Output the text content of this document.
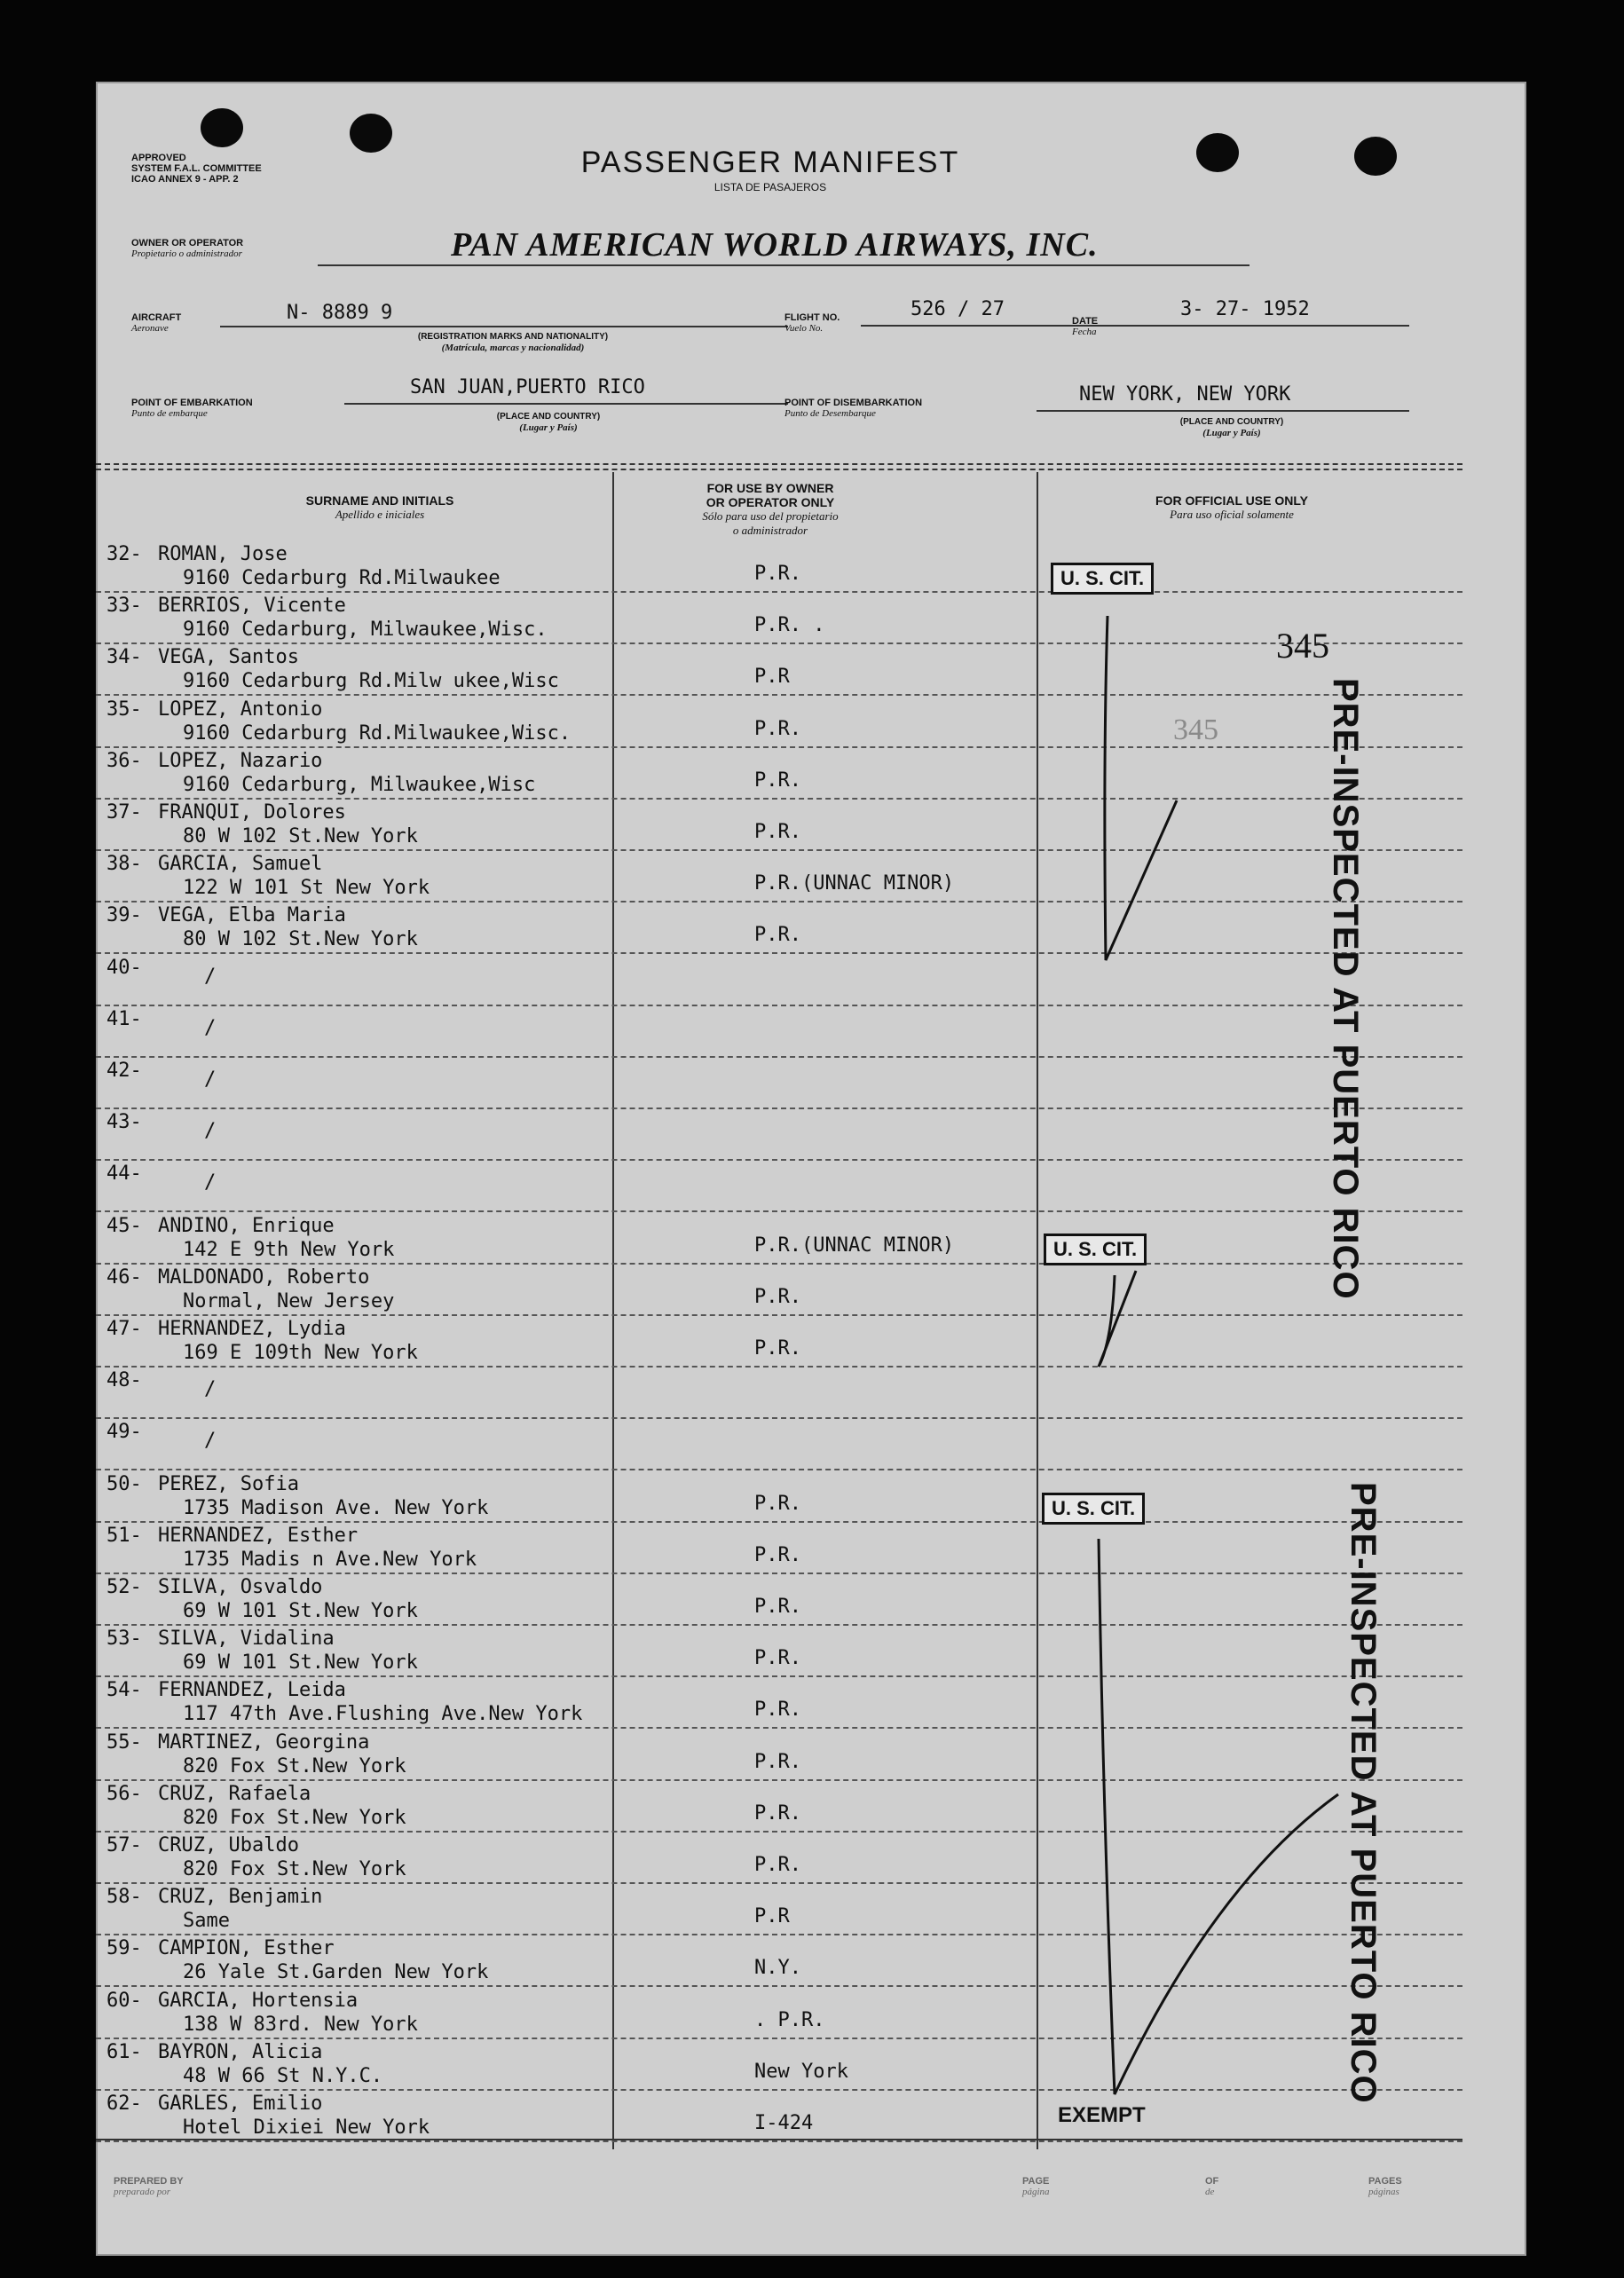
APPROVED
SYSTEM F.A.L. COMMITTEE
ICAO ANNEX 9 - APP. 2	PASSENGER MANIFEST
LISTA DE PASAJEROS
OWNER OR OPERATOR
Propietario o administrador	PAN AMERICAN WORLD AIRWAYS, INC.
AIRCRAFT
Aeronave
N- 8889 9
(REGISTRATION MARKS AND NATIONALITY)
(Matrícula, marcas y nacionalidad)
FLIGHT NO.
Vuelo No.
526 / 27
DATE
Fecha
3- 27- 1952
POINT OF EMBARKATION
Punto de embarque
SAN JUAN,PUERTO RICO
(PLACE AND COUNTRY)
(Lugar y País)
POINT OF DISEMBARKATION
Punto de Desembarque
NEW YORK, NEW YORK
(PLACE AND COUNTRY)
(Lugar y País)
SURNAME AND INITIALS
Apellido e iniciales
FOR USE BY OWNER
OR OPERATOR ONLY
Sólo para uso del propietario
o administrador
FOR OFFICIAL USE ONLY
Para uso oficial solamente
32- ROMAN, Jose
9160 Cedarburg Rd.Milwaukee	P.R.
33- BERRIOS, Vicente
9160 Cedarburg, Milwaukee,Wisc.	P.R. .
34- VEGA, Santos
9160 Cedarburg Rd.Milw ukee,Wisc	P.R
35- LOPEZ, Antonio
9160 Cedarburg Rd.Milwaukee,Wisc.	P.R.
36- LOPEZ, Nazario
9160 Cedarburg, Milwaukee,Wisc	P.R.
37- FRANQUI, Dolores
80 W 102 St.New York	P.R.
38- GARCIA, Samuel
122 W 101 St New York	P.R.(UNNAC MINOR)
39- VEGA, Elba Maria
80 W 102 St.New York	P.R.
40-	/
41-	/
42-	/
43-	/
44-	/
45- ANDINO, Enrique
142 E 9th New York	P.R.(UNNAC MINOR)
46- MALDONADO, Roberto
Normal, New Jersey	P.R.
47- HERNANDEZ, Lydia
169 E 109th New York	P.R.
48-	/
49-	/
50- PEREZ, Sofia
1735 Madison Ave. New York	P.R.
51- HERNANDEZ, Esther
1735 Madis n Ave.New York	P.R.
52- SILVA, Osvaldo
69 W 101 St.New York	P.R.
53- SILVA, Vidalina
69 W 101 St.New York	P.R.
54- FERNANDEZ, Leida
117 47th Ave.Flushing Ave.New York	P.R.
55- MARTINEZ, Georgina
820 Fox St.New York	P.R.
56- CRUZ, Rafaela
820 Fox St.New York	P.R.
57- CRUZ, Ubaldo
820 Fox St.New York	P.R.
58- CRUZ, Benjamin
Same	P.R
59- CAMPION, Esther
26 Yale St.Garden New York	N.Y.
60- GARCIA, Hortensia
138 W 83rd. New York	. P.R.
61- BAYRON, Alicia
48 W 66 St N.Y.C.	New York
62- GARLES, Emilio
Hotel Dixiei New York	I-424
U. S. CIT.
U. S. CIT.
U. S. CIT.
345
345	PRE-INSPECTED AT PUERTO RICO
PRE-INSPECTED AT PUERTO RICO
EXEMPT
PREPARED BY
preparado por
PAGE
página
OF
de
PAGES
páginas
